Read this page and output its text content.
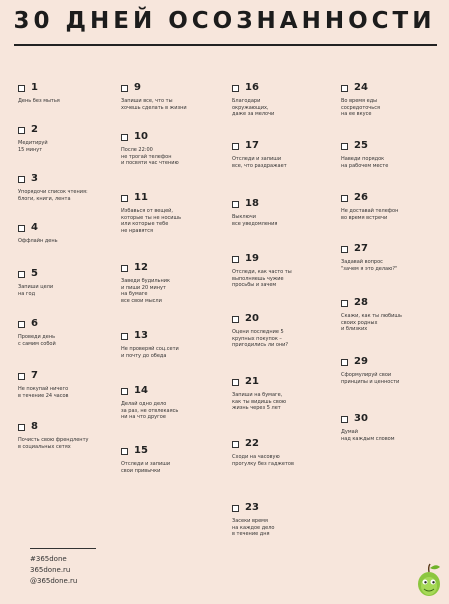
30 ДНЕЙ ОСОЗНАННОСТИ
1
День без мытья
2
Медитируй
15 минут
3
Упорядочи список чтения:
блоги, книги, лента
4
Оффлайн день
5
Запиши цели
на год
6
Проведи день
с самим собой
7
Не покупай ничего
в течение 24 часов
8
Почисть свою френдленту
в социальных сетях
9
Запиши все, что ты
хочешь сделать в жизни
10
После 22:00
не трогай телефон
и посвяти час чтению
11
Избавься от вещей,
которые ты не носишь
или которые тебе
не нравятся
12
Заведи будильник
и пиши 20 минут
на бумаге
все свои мысли
13
Не проверяй соц.сети
и почту до обеда
14
Делай одно дело
за раз, не отвлекаясь
ни на что другое
15
Отследи и запиши
свои привычки
16
Благодари
окружающих,
даже за мелочи
17
Отследи и запиши
все, что раздражает
18
Выключи
все уведомления
19
Отследи, как часто ты
выполняешь чужие
просьбы и зачем
20
Оцени последние 5
крупных покупок –
пригодились ли они?
21
Запиши на бумаге,
как ты видишь свою
жизнь через 5 лет
22
Сходи на часовую
прогулку без гаджетов
23
Засеки время
на каждое дело
в течение дня
24
Во время еды
сосредоточься
на ее вкусе
25
Наведи порядок
на рабочем месте
26
Не доставай телефон
во время встречи
27
Задавай вопрос
"зачем я это делаю?"
28
Скажи, как ты любишь
своих родных
и близких
29
Сформулируй свои
принципы и ценности
30
Думай
над каждым словом
#365done
365done.ru
@365done.ru
